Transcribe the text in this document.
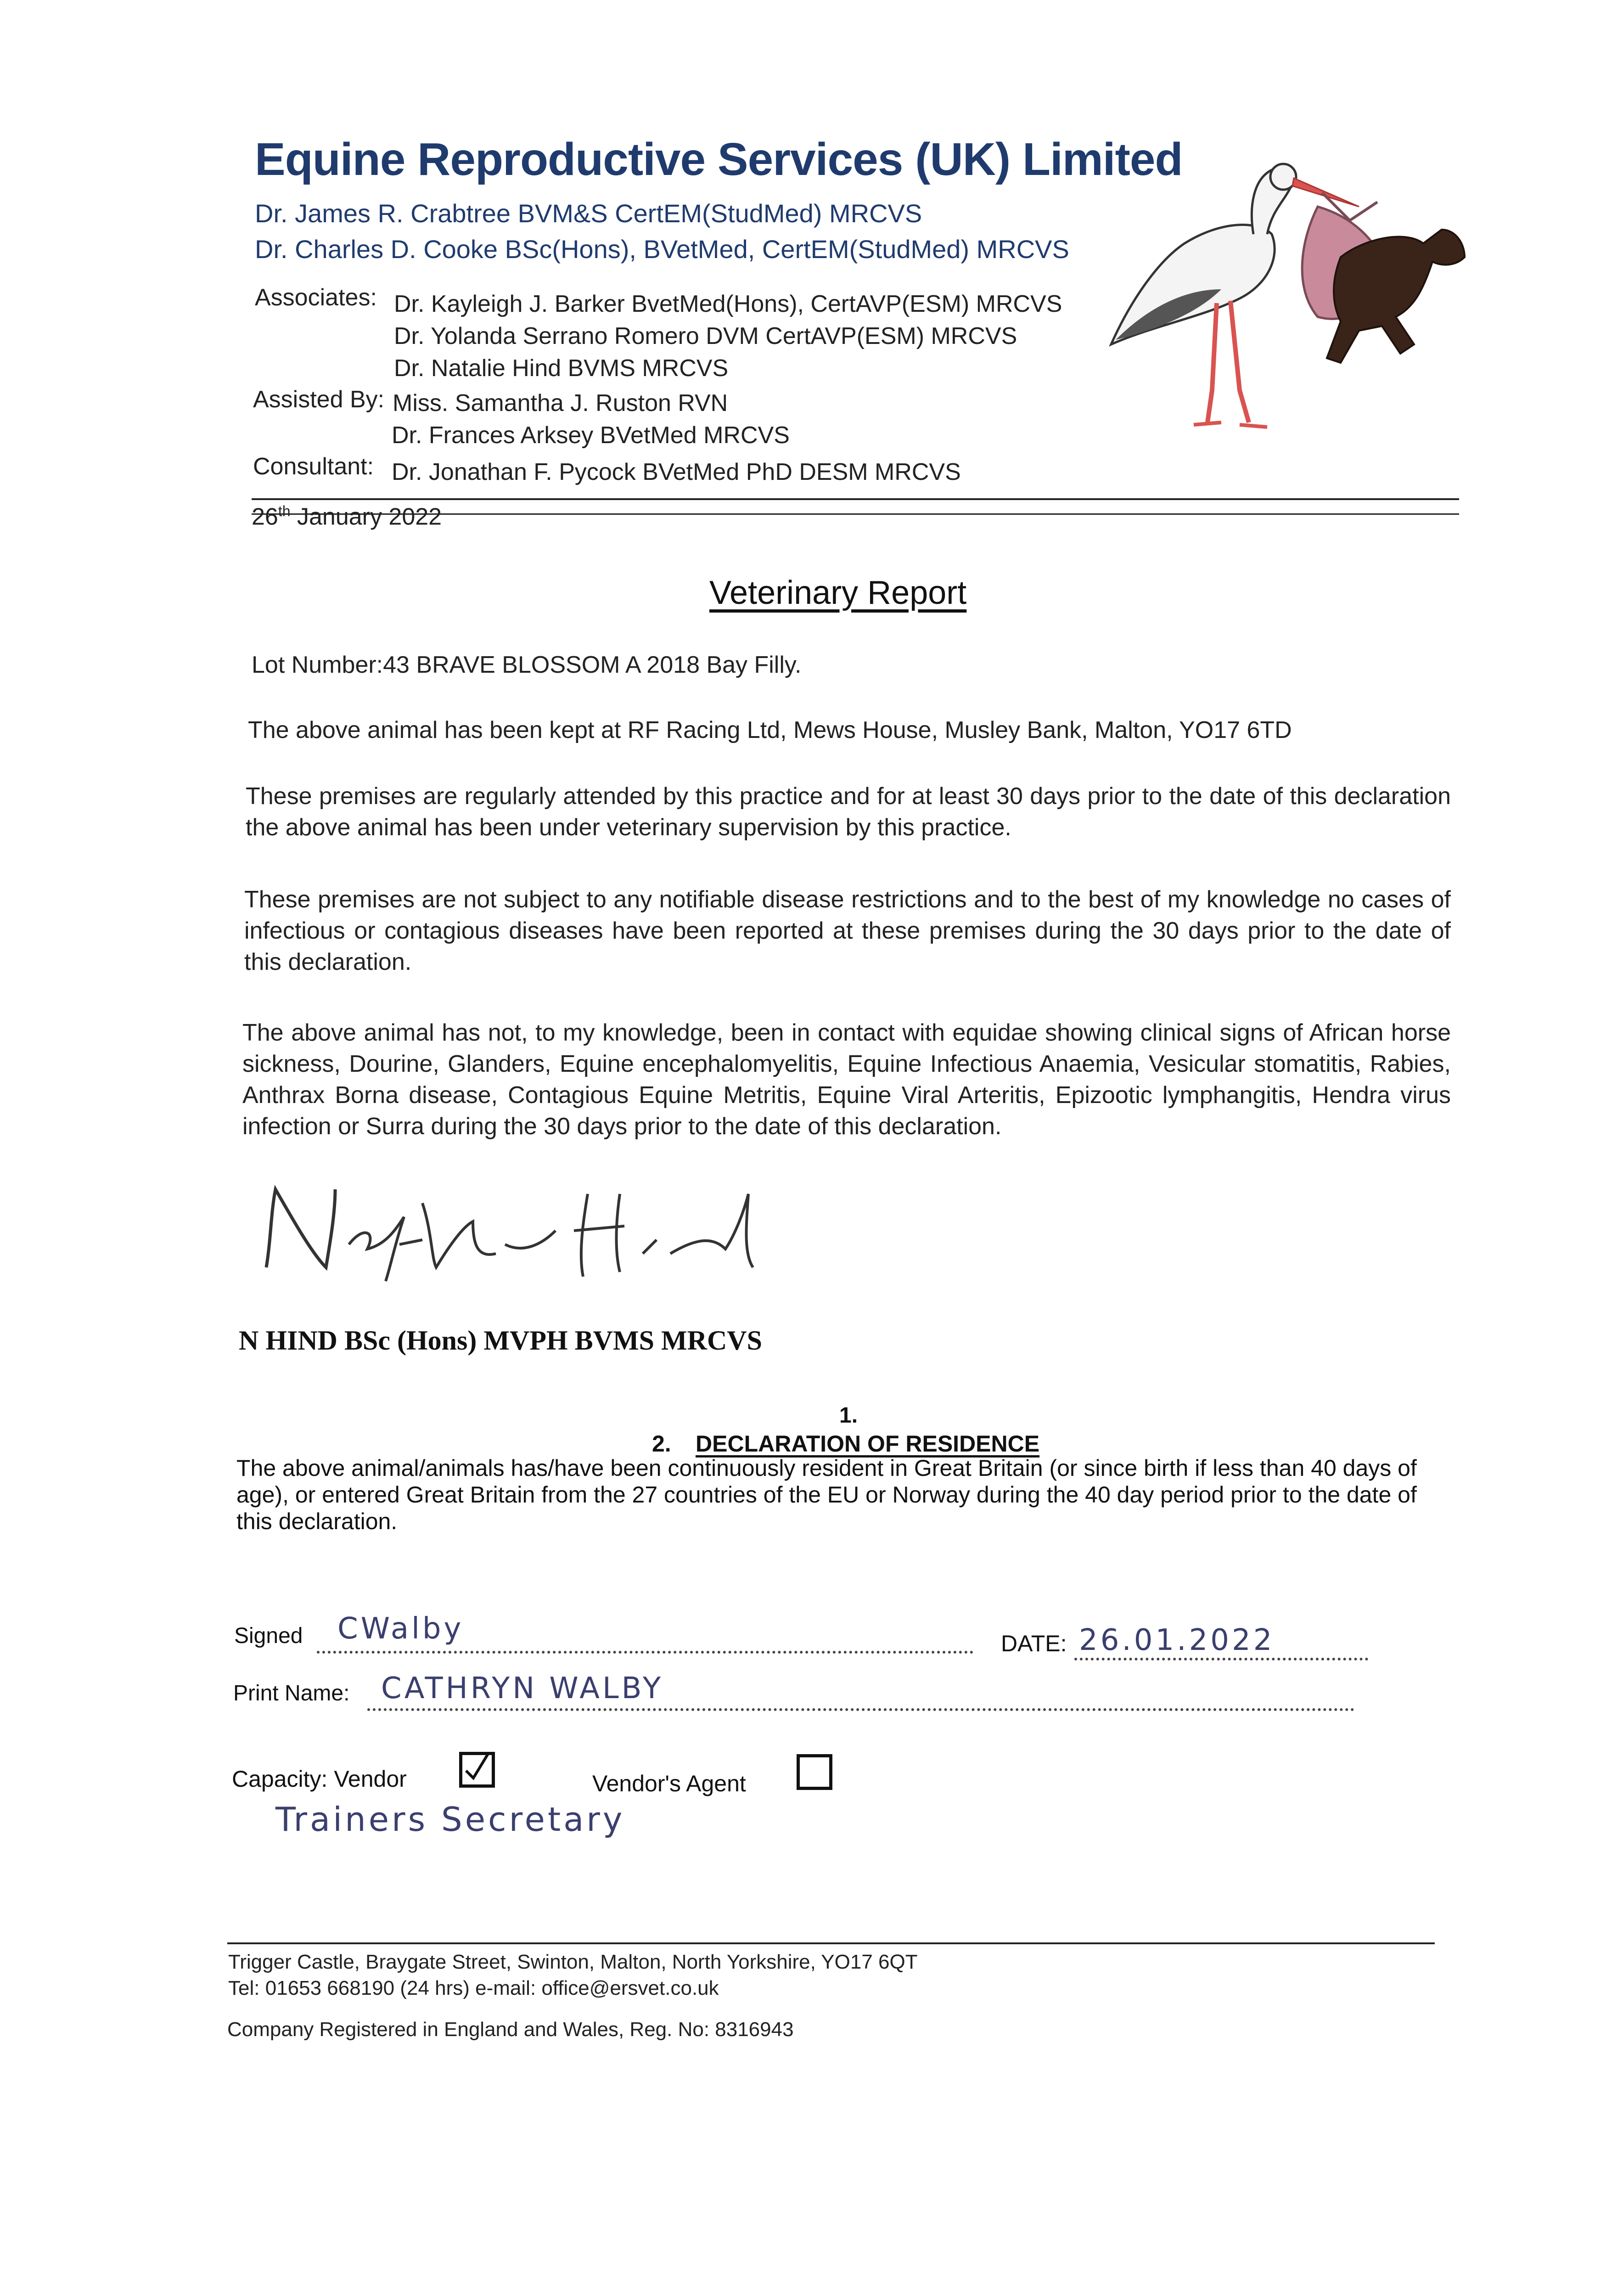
Equine Reproductive Services (UK) Limited
Dr. James R. Crabtree BVM&S CertEM(StudMed) MRCVS
Dr. Charles D. Cooke BSc(Hons), BVetMed, CertEM(StudMed) MRCVS
Associates: Dr. Kayleigh J. Barker BvetMed(Hons), CertAVP(ESM) MRCVS
Dr. Yolanda Serrano Romero DVM CertAVP(ESM) MRCVS
Dr. Natalie Hind BVMS MRCVS
Assisted By: Miss. Samantha J. Ruston RVN
Dr. Frances Arksey BVetMed MRCVS
Consultant: Dr. Jonathan F. Pycock BVetMed PhD DESM MRCVS
26th January 2022
Veterinary Report
Lot Number:43 BRAVE BLOSSOM A 2018 Bay Filly.
The above animal has been kept at RF Racing Ltd, Mews House, Musley Bank, Malton, YO17 6TD
These premises are regularly attended by this practice and for at least 30 days prior to the date of this declaration the above animal has been under veterinary supervision by this practice.
These premises are not subject to any notifiable disease restrictions and to the best of my knowledge no cases of infectious or contagious diseases have been reported at these premises during the 30 days prior to the date of this declaration.
The above animal has not, to my knowledge, been in contact with equidae showing clinical signs of African horse sickness, Dourine, Glanders, Equine encephalomyelitis, Equine Infectious Anaemia, Vesicular stomatitis, Rabies, Anthrax Borna disease, Contagious Equine Metritis, Equine Viral Arteritis, Epizootic lymphangitis, Hendra virus infection or Surra during the 30 days prior to the date of this declaration.
N HIND BSc (Hons) MVPH BVMS MRCVS
1.
2. DECLARATION OF RESIDENCE
The above animal/animals has/have been continuously resident in Great Britain (or since birth if less than 40 days of age), or entered Great Britain from the 27 countries of the EU or Norway during the 40 day period prior to the date of this declaration.
Signed CWalby	DATE: 26.01.2022
Print Name: CATHRYN WALBY
Capacity: Vendor	Vendor's Agent
Trainers Secretary
Trigger Castle, Braygate Street, Swinton, Malton, North Yorkshire, YO17 6QT
Tel: 01653 668190 (24 hrs) e-mail: office@ersvet.co.uk
Company Registered in England and Wales, Reg. No: 8316943
